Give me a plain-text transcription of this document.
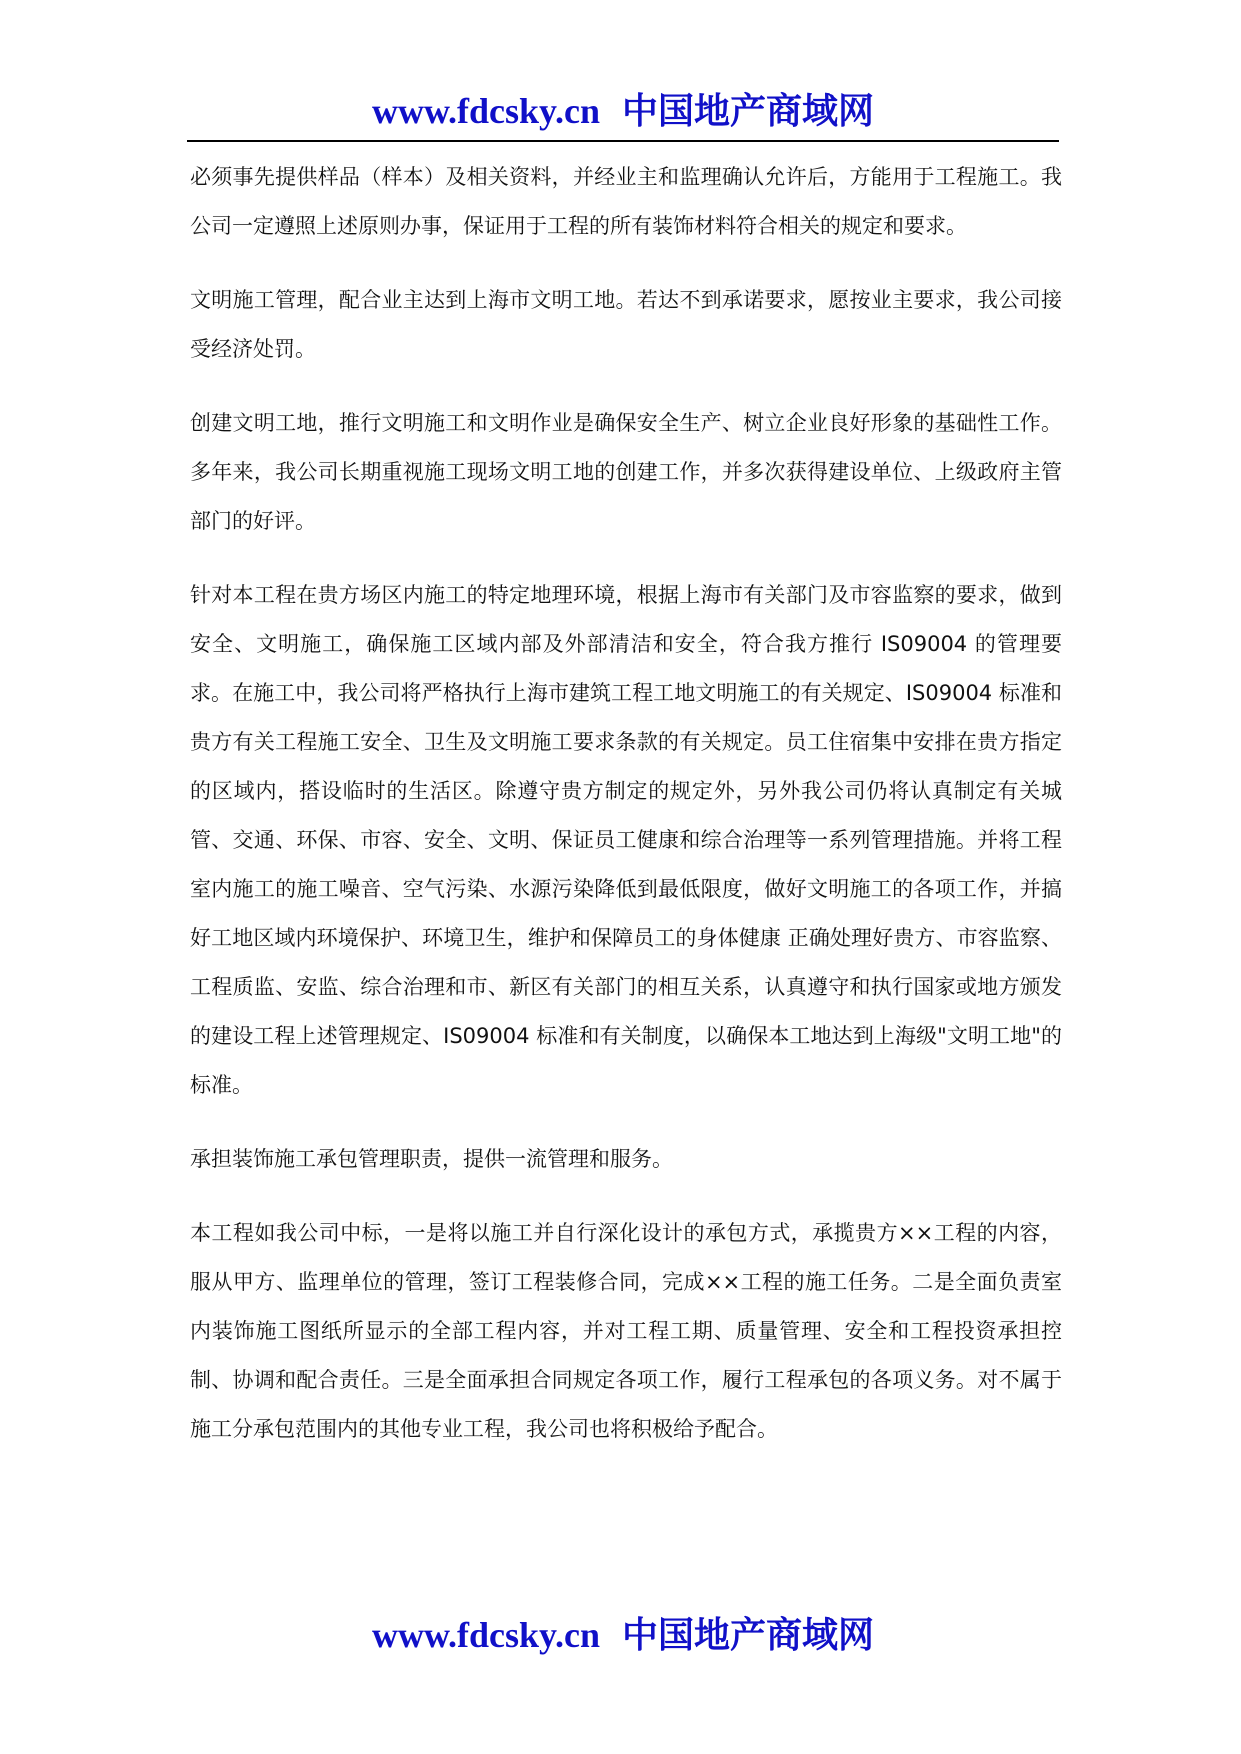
www.fdcsky.cn 中国地产商域网

必须事先提供样品（样本）及相关资料，并经业主和监理确认允许后，方能用于工程施工。我公司一定遵照上述原则办事，保证用于工程的所有装饰材料符合相关的规定和要求。

文明施工管理，配合业主达到上海市文明工地。若达不到承诺要求，愿按业主要求，我公司接受经济处罚。

创建文明工地，推行文明施工和文明作业是确保安全生产、树立企业良好形象的基础性工作。多年来，我公司长期重视施工现场文明工地的创建工作，并多次获得建设单位、上级政府主管部门的好评。

针对本工程在贵方场区内施工的特定地理环境，根据上海市有关部门及市容监察的要求，做到安全、文明施工，确保施工区域内部及外部清洁和安全，符合我方推行 IS09004 的管理要求。在施工中，我公司将严格执行上海市建筑工程工地文明施工的有关规定、IS09004 标准和贵方有关工程施工安全、卫生及文明施工要求条款的有关规定。员工住宿集中安排在贵方指定的区域内，搭设临时的生活区。除遵守贵方制定的规定外，另外我公司仍将认真制定有关城管、交通、环保、市容、安全、文明、保证员工健康和综合治理等一系列管理措施。并将工程室内施工的施工噪音、空气污染、水源污染降低到最低限度，做好文明施工的各项工作，并搞好工地区域内环境保护、环境卫生，维护和保障员工的身体健康 正确处理好贵方、市容监察、工程质监、安监、综合治理和市、新区有关部门的相互关系，认真遵守和执行国家或地方颁发的建设工程上述管理规定、IS09004 标准和有关制度，以确保本工地达到上海级"文明工地"的标准。

承担装饰施工承包管理职责，提供一流管理和服务。

本工程如我公司中标，一是将以施工并自行深化设计的承包方式，承揽贵方××工程的内容，服从甲方、监理单位的管理，签订工程装修合同，完成××工程的施工任务。二是全面负责室内装饰施工图纸所显示的全部工程内容，并对工程工期、质量管理、安全和工程投资承担控制、协调和配合责任。三是全面承担合同规定各项工作，履行工程承包的各项义务。对不属于施工分承包范围内的其他专业工程，我公司也将积极给予配合。

www.fdcsky.cn 中国地产商域网
